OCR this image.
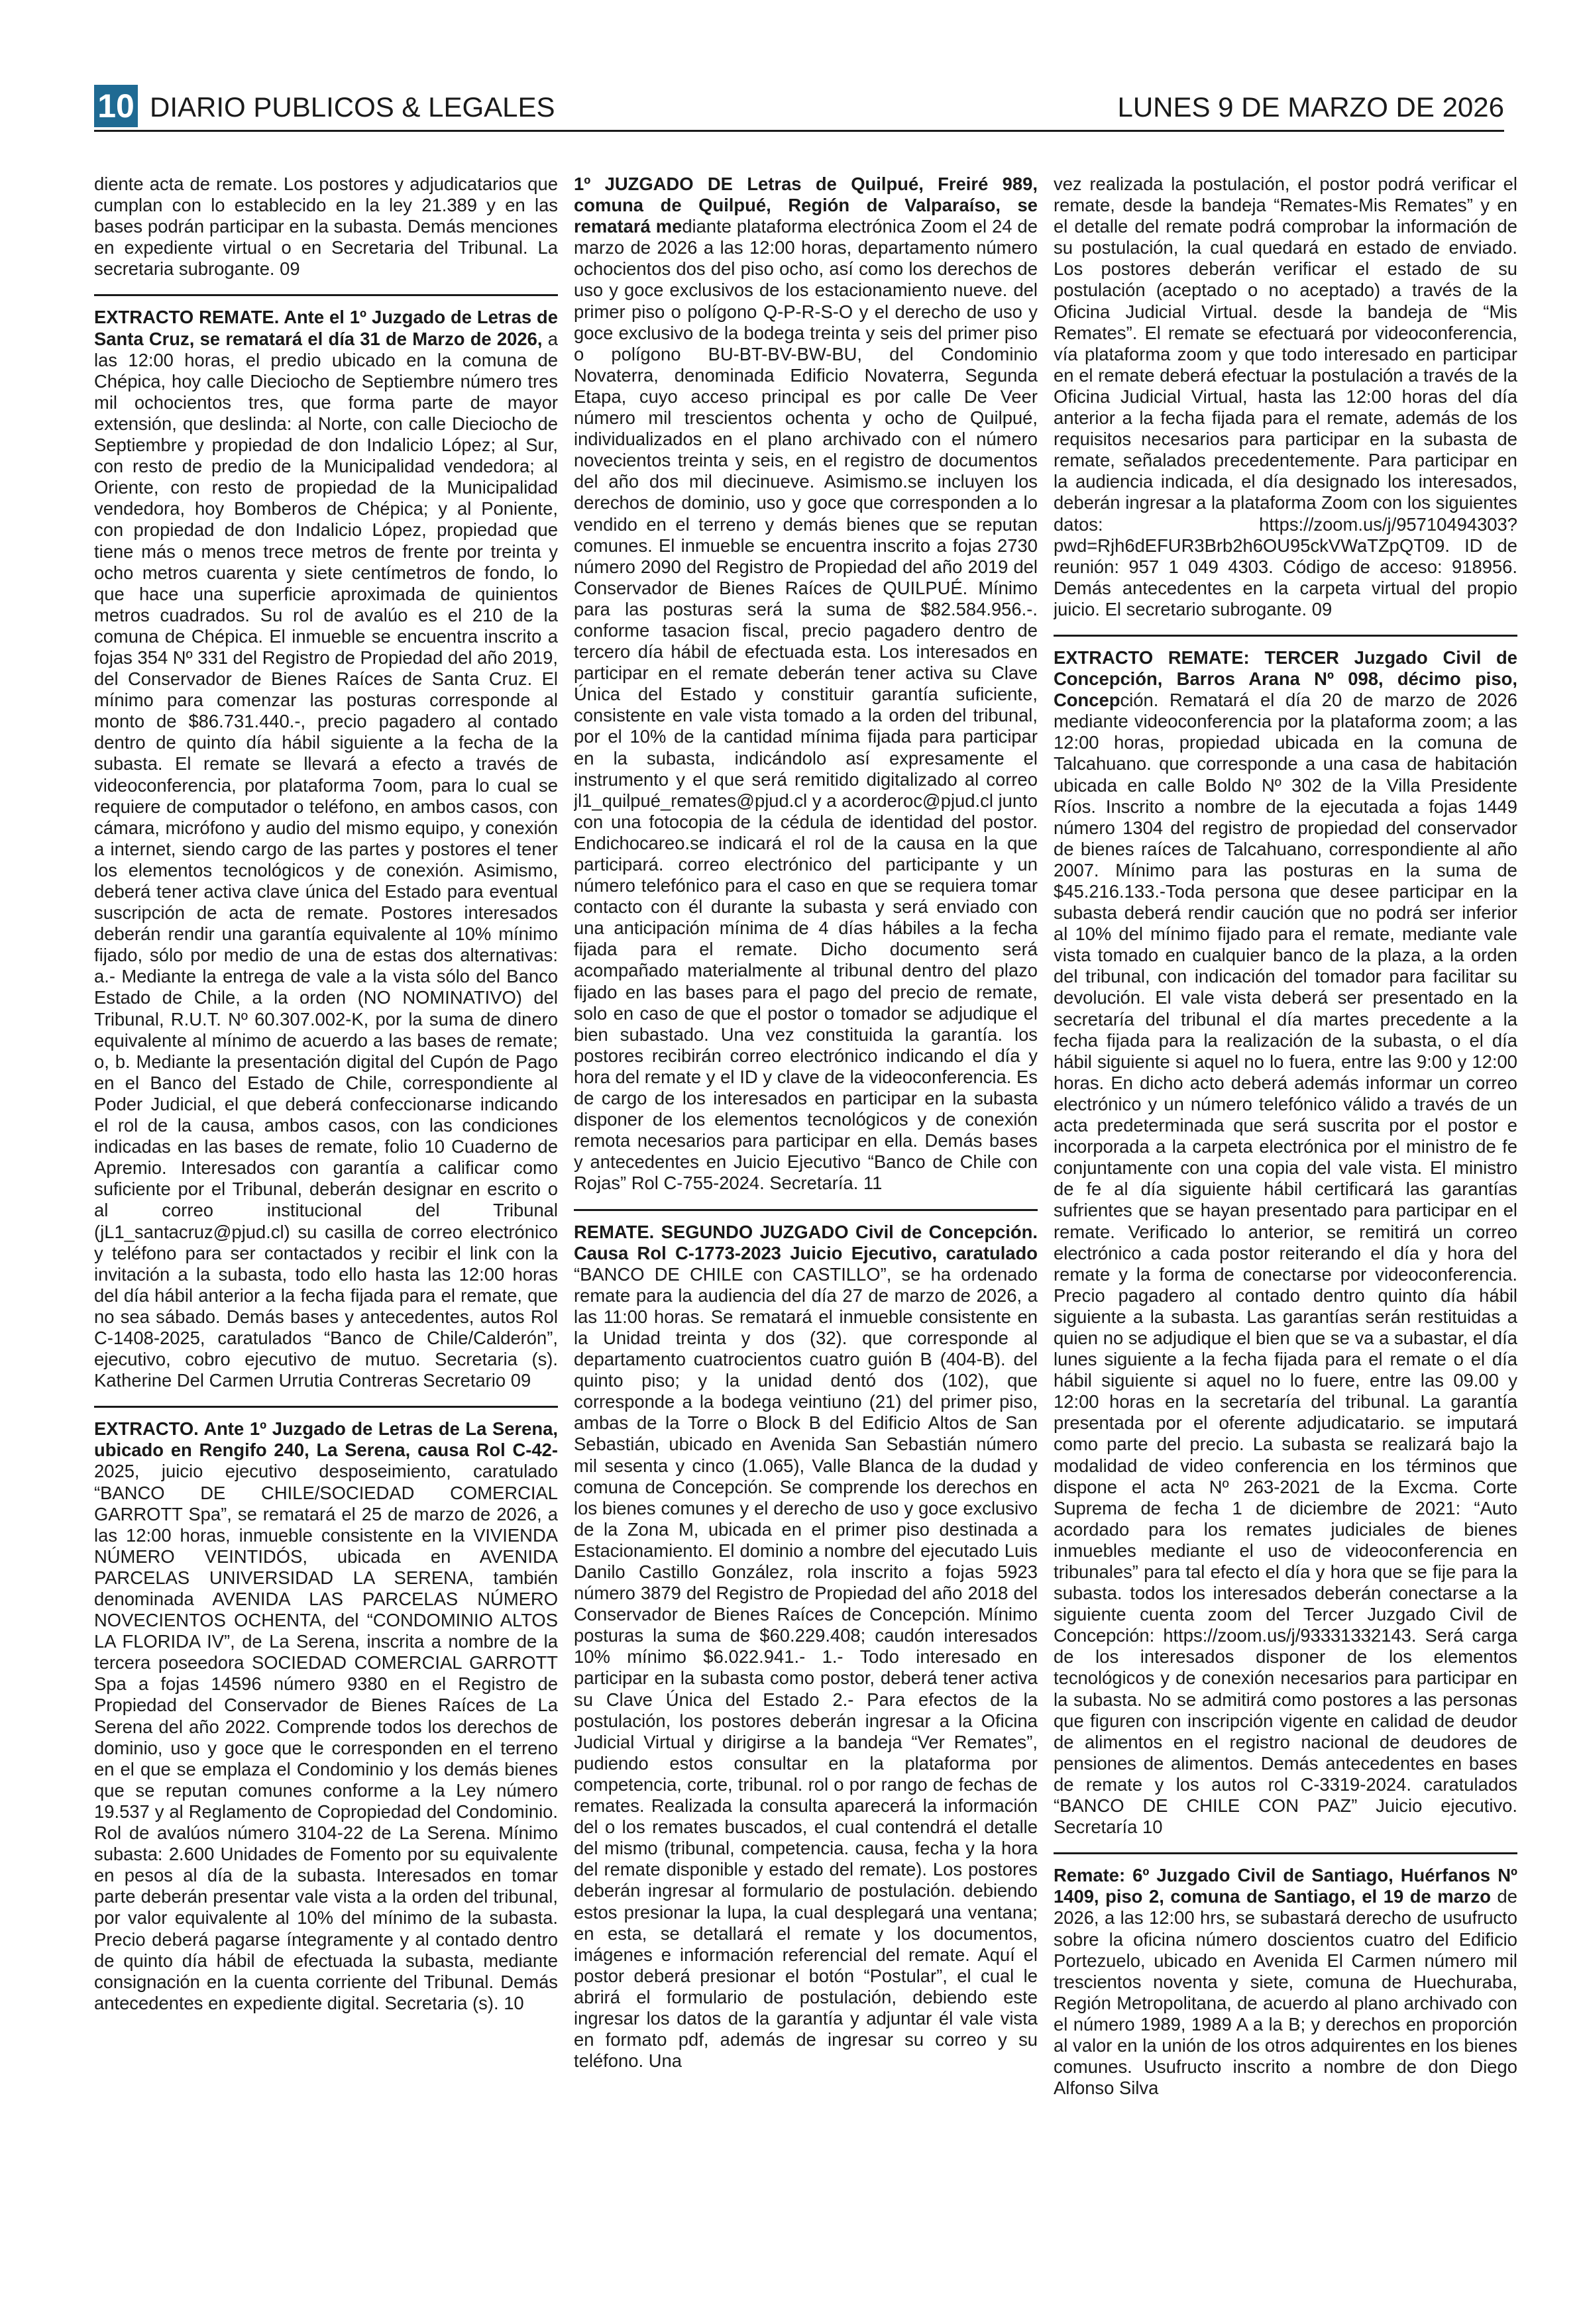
10 DIARIO PUBLICOS & LEGALES	LUNES 9 DE MARZO DE 2026

diente acta de remate. Los postores y adjudicatarios que cumplan con lo establecido en la ley 21.389 y en las bases podrán participar en la subasta. Demás menciones en expediente virtual o en Secretaria del Tribunal. La secretaria subrogante. 09

EXTRACTO REMATE. Ante el 1º Juzgado de Letras de Santa Cruz, se rematará el día 31 de Marzo de 2026, a las 12:00 horas, el predio ubicado en la comuna de Chépica, hoy calle Dieciocho de Septiembre número tres mil ochocientos tres, que forma parte de mayor extensión, que deslinda: al Norte, con calle Dieciocho de Septiembre y propiedad de don Indalicio López; al Sur, con resto de predio de la Municipalidad vendedora; al Oriente, con resto de propiedad de la Municipalidad vendedora, hoy Bomberos de Chépica; y al Poniente, con propiedad de don Indalicio López, propiedad que tiene más o menos trece metros de frente por treinta y ocho metros cuarenta y siete centímetros de fondo, lo que hace una superficie aproximada de quinientos metros cuadrados. Su rol de avalúo es el 210 de la comuna de Chépica. El inmueble se encuentra inscrito a fojas 354 Nº 331 del Registro de Propiedad del año 2019, del Conservador de Bienes Raíces de Santa Cruz. El mínimo para comenzar las posturas corresponde al monto de $86.731.440.-, precio pagadero al contado dentro de quinto día hábil siguiente a la fecha de la subasta. El remate se llevará a efecto a través de videoconferencia, por plataforma 7oom, para lo cual se requiere de computador o teléfono, en ambos casos, con cámara, micrófono y audio del mismo equipo, y conexión a internet, siendo cargo de las partes y postores el tener los elementos tecnológicos y de conexión. Asimismo, deberá tener activa clave única del Estado para eventual suscripción de acta de remate. Postores interesados deberán rendir una garantía equivalente al 10% mínimo fijado, sólo por medio de una de estas dos alternativas: a.- Mediante la entrega de vale a la vista sólo del Banco Estado de Chile, a la orden (NO NOMINATIVO) del Tribunal, R.U.T. Nº 60.307.002-K, por la suma de dinero equivalente al mínimo de acuerdo a las bases de remate; o, b. Mediante la presentación digital del Cupón de Pago en el Banco del Estado de Chile, correspondiente al Poder Judicial, el que deberá confeccionarse indicando el rol de la causa, ambos casos, con las condiciones indicadas en las bases de remate, folio 10 Cuaderno de Apremio. Interesados con garantía a calificar como suficiente por el Tribunal, deberán designar en escrito o al correo institucional del Tribunal (jL1_santacruz@pjud.cl) su casilla de correo electrónico y teléfono para ser contactados y recibir el link con la invitación a la subasta, todo ello hasta las 12:00 horas del día hábil anterior a la fecha fijada para el remate, que no sea sábado. Demás bases y antecedentes, autos Rol C-1408-2025, caratulados “Banco de Chile/Calderón”, ejecutivo, cobro ejecutivo de mutuo. Secretaria (s). Katherine Del Carmen Urrutia Contreras Secretario 09

EXTRACTO. Ante 1º Juzgado de Letras de La Serena, ubicado en Rengifo 240, La Serena, causa Rol C-42-2025, juicio ejecutivo desposeimiento, caratulado “BANCO DE CHILE/SOCIEDAD COMERCIAL GARROTT Spa”, se rematará el 25 de marzo de 2026, a las 12:00 horas, inmueble consistente en la VIVIENDA NÚMERO VEINTIDÓS, ubicada en AVENIDA PARCELAS UNIVERSIDAD LA SERENA, también denominada AVENIDA LAS PARCELAS NÚMERO NOVECIENTOS OCHENTA, del “CONDOMINIO ALTOS LA FLORIDA IV”, de La Serena, inscrita a nombre de la tercera poseedora SOCIEDAD COMERCIAL GARROTT Spa a fojas 14596 número 9380 en el Registro de Propiedad del Conservador de Bienes Raíces de La Serena del año 2022. Comprende todos los derechos de dominio, uso y goce que le corresponden en el terreno en el que se emplaza el Condominio y los demás bienes que se reputan comunes conforme a la Ley número 19.537 y al Reglamento de Copropiedad del Condominio. Rol de avalúos número 3104-22 de La Serena. Mínimo subasta: 2.600 Unidades de Fomento por su equivalente en pesos al día de la subasta. Interesados en tomar parte deberán presentar vale vista a la orden del tribunal, por valor equivalente al 10% del mínimo de la subasta. Precio deberá pagarse íntegramente y al contado dentro de quinto día hábil de efectuada la subasta, mediante consignación en la cuenta corriente del Tribunal. Demás antecedentes en expediente digital. Secretaria (s). 10

1º JUZGADO DE Letras de Quilpué, Freiré 989, comuna de Quilpué, Región de Valparaíso, se rematará mediante plataforma electrónica Zoom el 24 de marzo de 2026 a las 12:00 horas, departamento número ochocientos dos del piso ocho, así como los derechos de uso y goce exclusivos de los estacionamiento nueve. del primer piso o polígono Q-P-R-S-O y el derecho de uso y goce exclusivo de la bodega treinta y seis del primer piso o polígono BU-BT-BV-BW-BU, del Condominio Novaterra, denominada Edificio Novaterra, Segunda Etapa, cuyo acceso principal es por calle De Veer número mil trescientos ochenta y ocho de Quilpué, individualizados en el plano archivado con el número novecientos treinta y seis, en el registro de documentos del año dos mil diecinueve. Asimismo.se incluyen los derechos de dominio, uso y goce que corresponden a lo vendido en el terreno y demás bienes que se reputan comunes. El inmueble se encuentra inscrito a fojas 2730 número 2090 del Registro de Propiedad del año 2019 del Conservador de Bienes Raíces de QUILPUÉ. Mínimo para las posturas será la suma de $82.584.956.-. conforme tasacion fiscal, precio pagadero dentro de tercero día hábil de efectuada esta. Los interesados en participar en el remate deberán tener activa su Clave Única del Estado y constituir garantía suficiente, consistente en vale vista tomado a la orden del tribunal, por el 10% de la cantidad mínima fijada para participar en la subasta, indicándolo así expresamente el instrumento y el que será remitido digitalizado al correo jl1_quilpué_remates@pjud.cl y a acorderoc@pjud.cl junto con una fotocopia de la cédula de identidad del postor. Endichocareo.se indicará el rol de la causa en la que participará. correo electrónico del participante y un número telefónico para el caso en que se requiera tomar contacto con él durante la subasta y será enviado con una anticipación mínima de 4 días hábiles a la fecha fijada para el remate. Dicho documento será acompañado materialmente al tribunal dentro del plazo fijado en las bases para el pago del precio de remate, solo en caso de que el postor o tomador se adjudique el bien subastado. Una vez constituida la garantía. los postores recibirán correo electrónico indicando el día y hora del remate y el ID y clave de la videoconferencia. Es de cargo de los interesados en participar en la subasta disponer de los elementos tecnológicos y de conexión remota necesarios para participar en ella. Demás bases y antecedentes en Juicio Ejecutivo “Banco de Chile con Rojas” Rol C-755-2024. Secretaría. 11

REMATE. SEGUNDO JUZGADO Civil de Concepción. Causa Rol C-1773-2023 Juicio Ejecutivo, caratulado “BANCO DE CHILE con CASTILLO”, se ha ordenado remate para la audiencia del día 27 de marzo de 2026, a las 11:00 horas. Se rematará el inmueble consistente en la Unidad treinta y dos (32). que corresponde al departamento cuatrocientos cuatro guión B (404-B). del quinto piso; y la unidad dentó dos (102), que corresponde a la bodega veintiuno (21) del primer piso, ambas de la Torre o Block B del Edificio Altos de San Sebastián, ubicado en Avenida San Sebastián número mil sesenta y cinco (1.065), Valle Blanca de la dudad y comuna de Concepción. Se comprende los derechos en los bienes comunes y el derecho de uso y goce exclusivo de la Zona M, ubicada en el primer piso destinada a Estacionamiento. El dominio a nombre del ejecutado Luis Danilo Castillo González, rola inscrito a fojas 5923 número 3879 del Registro de Propiedad del año 2018 del Conservador de Bienes Raíces de Concepción. Mínimo posturas la suma de $60.229.408; caudón interesados 10% mínimo $6.022.941.- 1.- Todo interesado en participar en la subasta como postor, deberá tener activa su Clave Única del Estado 2.- Para efectos de la postulación, los postores deberán ingresar a la Oficina Judicial Virtual y dirigirse a la bandeja “Ver Remates”, pudiendo estos consultar en la plataforma por competencia, corte, tribunal. rol o por rango de fechas de remates. Realizada la consulta aparecerá la información del o los remates buscados, el cual contendrá el detalle del mismo (tribunal, competencia. causa, fecha y la hora del remate disponible y estado del remate). Los postores deberán ingresar al formulario de postulación. debiendo estos presionar la lupa, la cual desplegará una ventana; en esta, se detallará el remate y los documentos, imágenes e información referencial del remate. Aquí el postor deberá presionar el botón “Postular”, el cual le abrirá el formulario de postulación, debiendo este ingresar los datos de la garantía y adjuntar él vale vista en formato pdf, además de ingresar su correo y su teléfono. Una

vez realizada la postulación, el postor podrá verificar el remate, desde la bandeja “Remates-Mis Remates” y en el detalle del remate podrá comprobar la información de su postulación, la cual quedará en estado de enviado. Los postores deberán verificar el estado de su postulación (aceptado o no aceptado) a través de la Oficina Judicial Virtual. desde la bandeja de “Mis Remates”. El remate se efectuará por videoconferencia, vía plataforma zoom y que todo interesado en participar en el remate deberá efectuar la postulación a través de la Oficina Judicial Virtual, hasta las 12:00 horas del día anterior a la fecha fijada para el remate, además de los requisitos necesarios para participar en la subasta de remate, señalados precedentemente. Para participar en la audiencia indicada, el día designado los interesados, deberán ingresar a la plataforma Zoom con los siguientes datos: https://zoom.us/j/95710494303?pwd=Rjh6dEFUR3Brb2h6OU95ckVWaTZpQT09. ID de reunión: 957 1 049 4303. Código de acceso: 918956. Demás antecedentes en la carpeta virtual del propio juicio. El secretario subrogante. 09

EXTRACTO REMATE: TERCER Juzgado Civil de Concepción, Barros Arana Nº 098, décimo piso, Concepción. Rematará el día 20 de marzo de 2026 mediante videoconferencia por la plataforma zoom; a las 12:00 horas, propiedad ubicada en la comuna de Talcahuano. que corresponde a una casa de habitación ubicada en calle Boldo Nº 302 de la Villa Presidente Ríos. Inscrito a nombre de la ejecutada a fojas 1449 número 1304 del registro de propiedad del conservador de bienes raíces de Talcahuano, correspondiente al año 2007. Mínimo para las posturas en la suma de $45.216.133.-Toda persona que desee participar en la subasta deberá rendir caución que no podrá ser inferior al 10% del mínimo fijado para el remate, mediante vale vista tomado en cualquier banco de la plaza, a la orden del tribunal, con indicación del tomador para facilitar su devolución. El vale vista deberá ser presentado en la secretaría del tribunal el día martes precedente a la fecha fijada para la realización de la subasta, o el día hábil siguiente si aquel no lo fuera, entre las 9:00 y 12:00 horas. En dicho acto deberá además informar un correo electrónico y un número telefónico válido a través de un acta predeterminada que será suscrita por el postor e incorporada a la carpeta electrónica por el ministro de fe conjuntamente con una copia del vale vista. El ministro de fe al día siguiente hábil certificará las garantías sufrientes que se hayan presentado para participar en el remate. Verificado lo anterior, se remitirá un correo electrónico a cada postor reiterando el día y hora del remate y la forma de conectarse por videoconferencia. Precio pagadero al contado dentro quinto día hábil siguiente a la subasta. Las garantías serán restituidas a quien no se adjudique el bien que se va a subastar, el día lunes siguiente a la fecha fijada para el remate o el día hábil siguiente si aquel no lo fuere, entre las 09.00 y 12:00 horas en la secretaría del tribunal. La garantía presentada por el oferente adjudicatario. se imputará como parte del precio. La subasta se realizará bajo la modalidad de video conferencia en los términos que dispone el acta Nº 263-2021 de la Excma. Corte Suprema de fecha 1 de diciembre de 2021: “Auto acordado para los remates judiciales de bienes inmuebles mediante el uso de videoconferencia en tribunales” para tal efecto el día y hora que se fije para la subasta. todos los interesados deberán conectarse a la siguiente cuenta zoom del Tercer Juzgado Civil de Concepción: https://zoom.us/j/93331332143. Será carga de los interesados disponer de los elementos tecnológicos y de conexión necesarios para participar en la subasta. No se admitirá como postores a las personas que figuren con inscripción vigente en calidad de deudor de alimentos en el registro nacional de deudores de pensiones de alimentos. Demás antecedentes en bases de remate y los autos rol C-3319-2024. caratulados “BANCO DE CHILE CON PAZ” Juicio ejecutivo. Secretaría 10

Remate: 6º Juzgado Civil de Santiago, Huérfanos Nº 1409, piso 2, comuna de Santiago, el 19 de marzo de 2026, a las 12:00 hrs, se subastará derecho de usufructo sobre la oficina número doscientos cuatro del Edificio Portezuelo, ubicado en Avenida El Carmen número mil trescientos noventa y siete, comuna de Huechuraba, Región Metropolitana, de acuerdo al plano archivado con el número 1989, 1989 A a la B; y derechos en proporción al valor en la unión de los otros adquirentes en los bienes comunes. Usufructo inscrito a nombre de don Diego Alfonso Silva
